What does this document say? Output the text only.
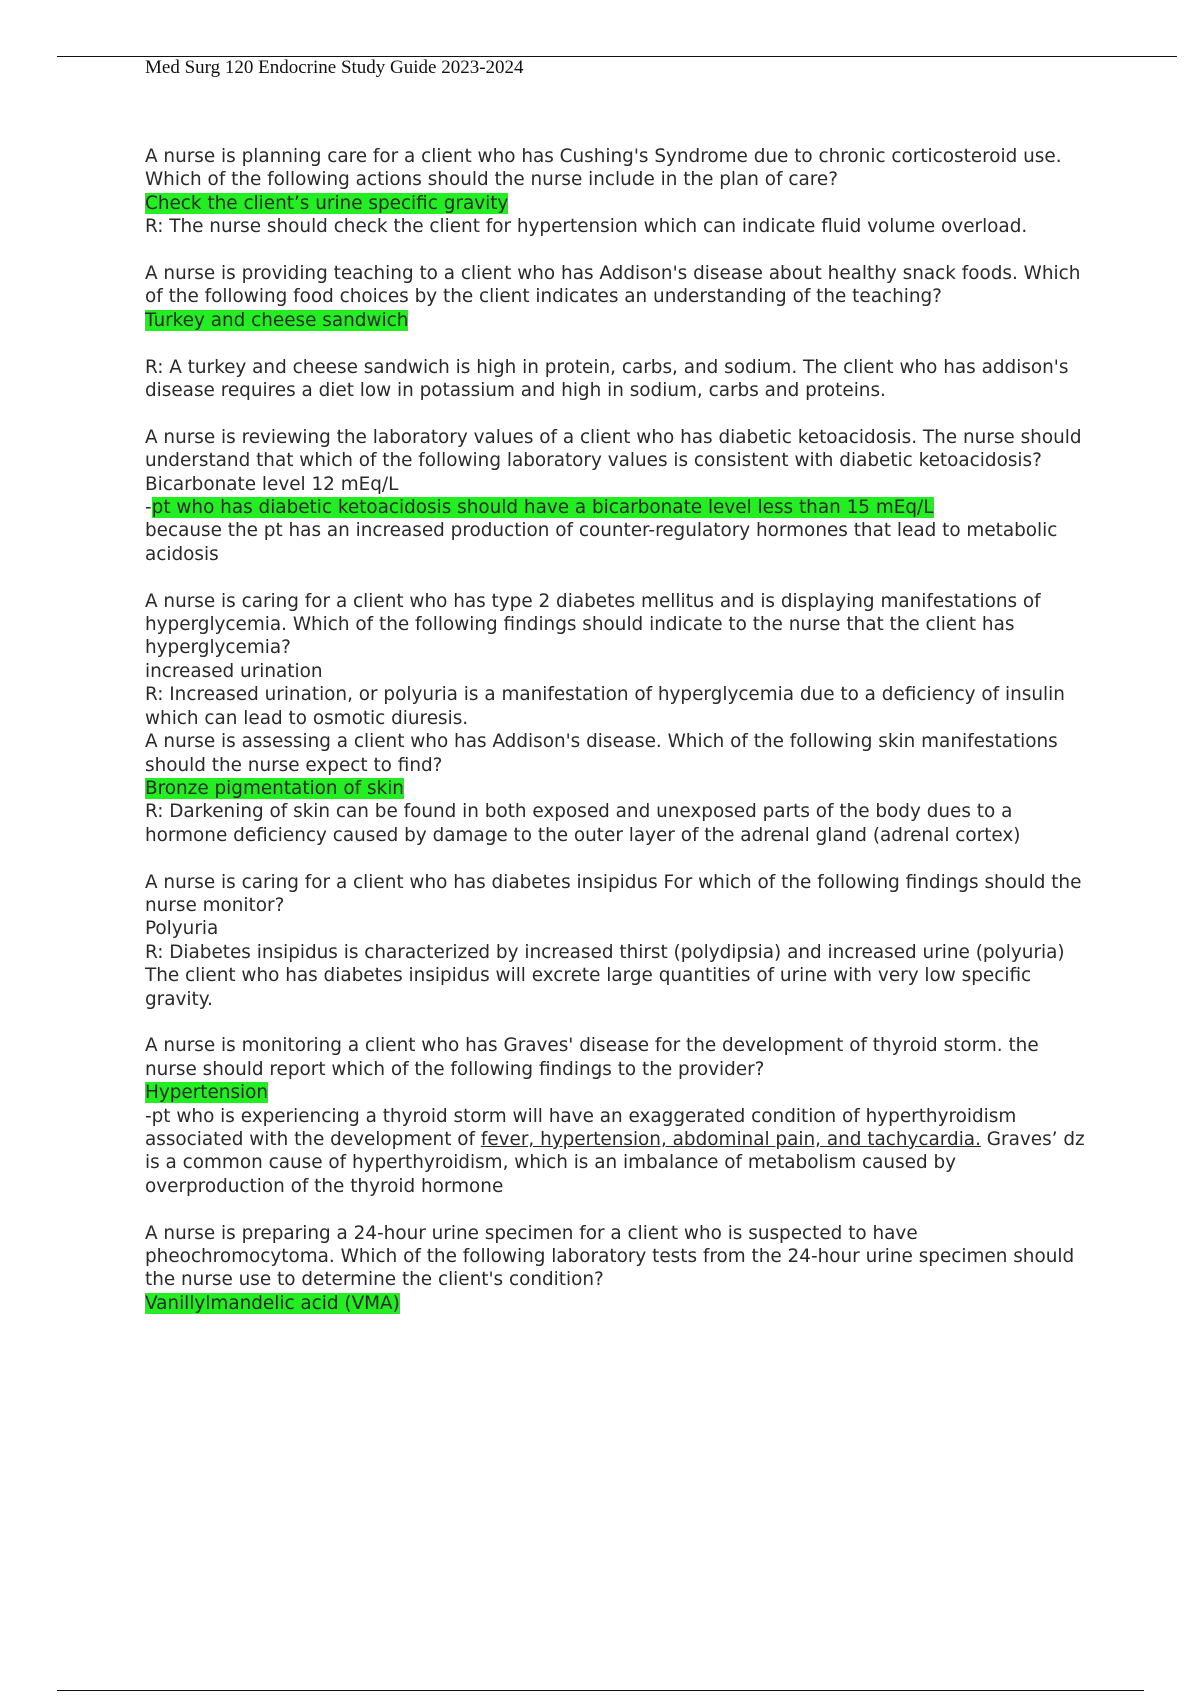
Med Surg 120 Endocrine Study Guide 2023-2024

A nurse is planning care for a client who has Cushing's Syndrome due to chronic corticosteroid use. Which of the following actions should the nurse include in the plan of care?

Check the client’s urine specific gravity

R: The nurse should check the client for hypertension which can indicate fluid volume overload.

A nurse is providing teaching to a client who has Addison's disease about healthy snack foods. Which of the following food choices by the client indicates an understanding of the teaching?

Turkey and cheese sandwich

R: A turkey and cheese sandwich is high in protein, carbs, and sodium. The client who has addison's disease requires a diet low in potassium and high in sodium, carbs and proteins.

A nurse is reviewing the laboratory values of a client who has diabetic ketoacidosis. The nurse should understand that which of the following laboratory values is consistent with diabetic ketoacidosis?

Bicarbonate level 12 mEq/L

-pt who has diabetic ketoacidosis should have a bicarbonate level less than 15 mEq/L

because the pt has an increased production of counter-regulatory hormones that lead to metabolic acidosis

A nurse is caring for a client who has type 2 diabetes mellitus and is displaying manifestations of hyperglycemia. Which of the following findings should indicate to the nurse that the client has hyperglycemia?

increased urination

R: Increased urination, or polyuria is a manifestation of hyperglycemia due to a deficiency of insulin which can lead to osmotic diuresis.

A nurse is assessing a client who has Addison's disease. Which of the following skin manifestations should the nurse expect to find?

Bronze pigmentation of skin

R: Darkening of skin can be found in both exposed and unexposed parts of the body dues to a hormone deficiency caused by damage to the outer layer of the adrenal gland (adrenal cortex)

A nurse is caring for a client who has diabetes insipidus For which of the following findings should the nurse monitor?

Polyuria

R: Diabetes insipidus is characterized by increased thirst (polydipsia) and increased urine (polyuria) The client who has diabetes insipidus will excrete large quantities of urine with very low specific gravity.

A nurse is monitoring a client who has Graves' disease for the development of thyroid storm. the nurse should report which of the following findings to the provider?

Hypertension

-pt who is experiencing a thyroid storm will have an exaggerated condition of hyperthyroidism associated with the development of fever, hypertension, abdominal pain, and tachycardia. Graves’ dz is a common cause of hyperthyroidism, which is an imbalance of metabolism caused by overproduction of the thyroid hormone

A nurse is preparing a 24-hour urine specimen for a client who is suspected to have pheochromocytoma. Which of the following laboratory tests from the 24-hour urine specimen should the nurse use to determine the client's condition?

Vanillylmandelic acid (VMA)
